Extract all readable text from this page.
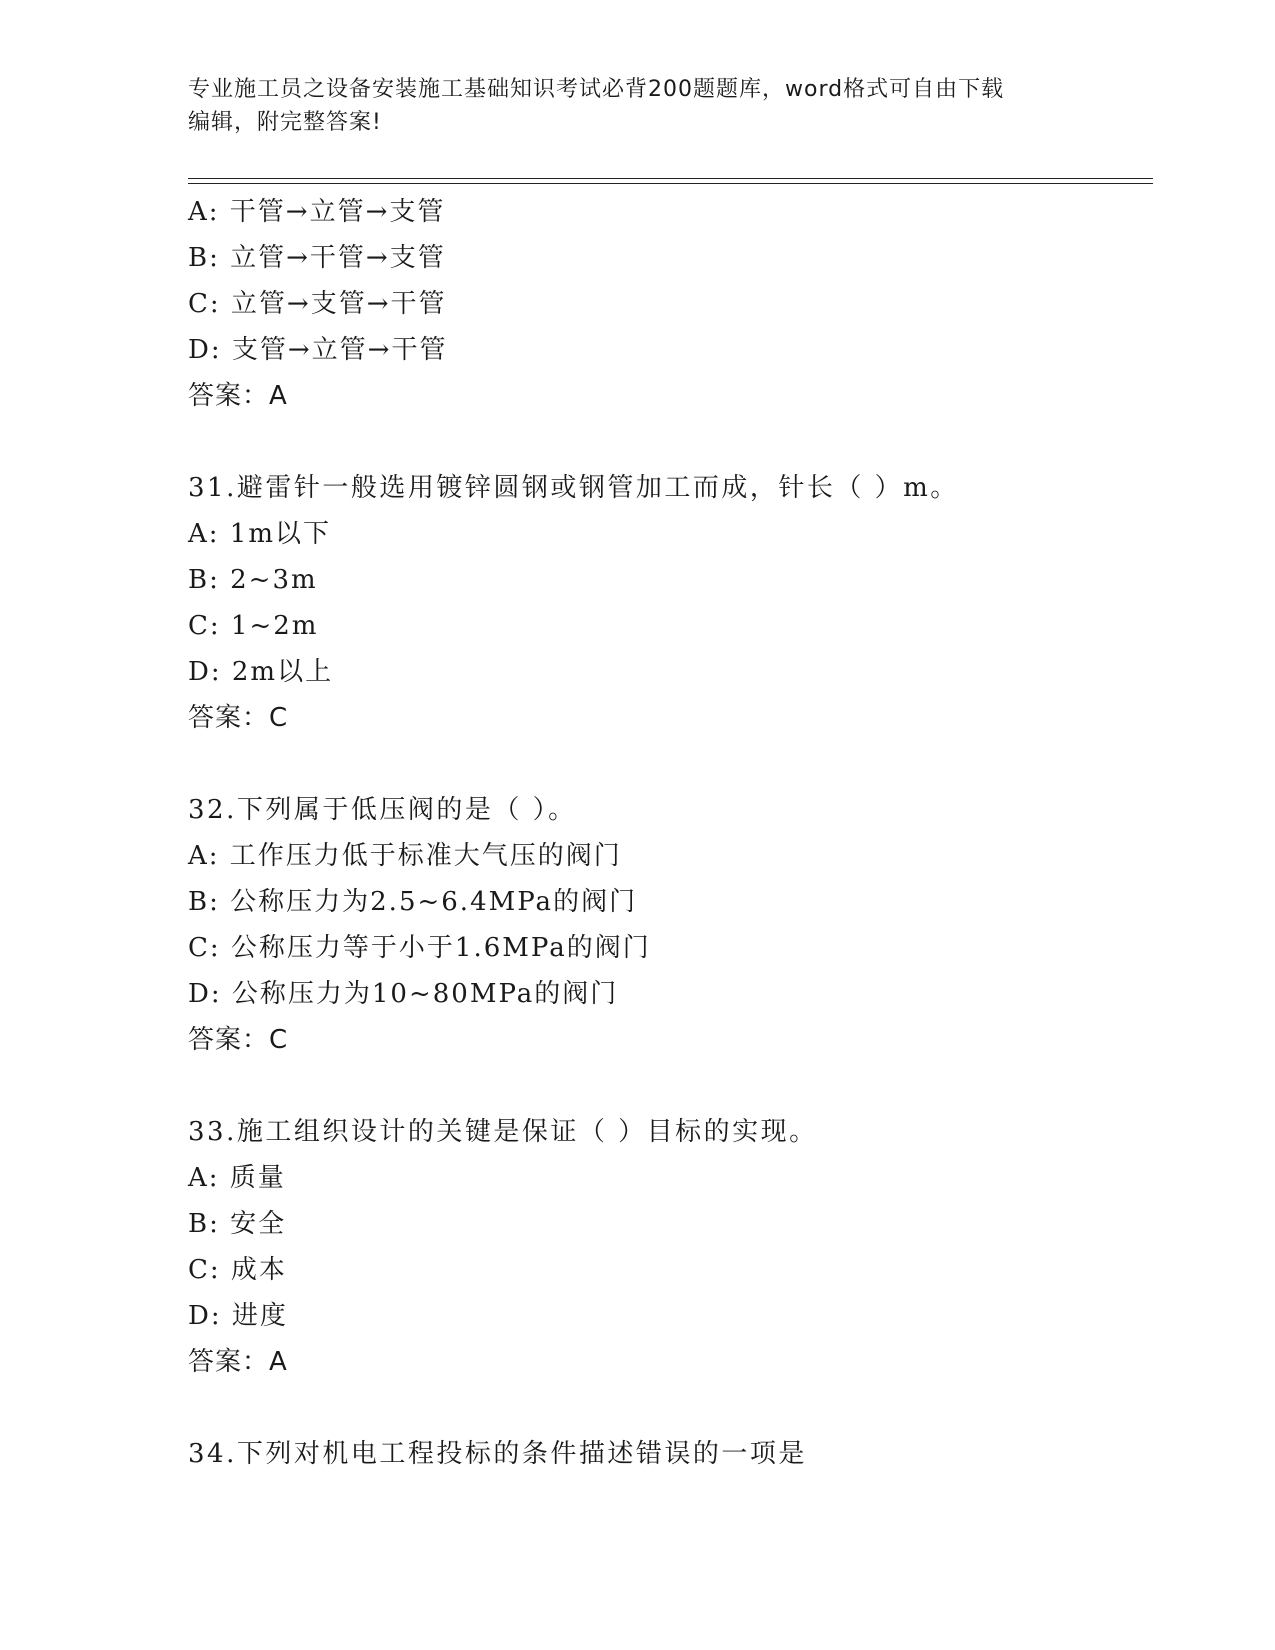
专业施工员之设备安装施工基础知识考试必背200题题库，word格式可自由下载
编辑，附完整答案!
A: 干管→立管→支管
B: 立管→干管→支管
C: 立管→支管→干管
D: 支管→立管→干管
答案：A
31.避雷针一般选用镀锌圆钢或钢管加工而成，针长（ ）m。
A: 1m以下
B: 2~3m
C: 1~2m
D: 2m以上
答案：C
32.下列属于低压阀的是（ ）。
A: 工作压力低于标准大气压的阀门
B: 公称压力为2.5~6.4MPa的阀门
C: 公称压力等于小于1.6MPa的阀门
D: 公称压力为10~80MPa的阀门
答案：C
33.施工组织设计的关键是保证（ ）目标的实现。
A: 质量
B: 安全
C: 成本
D: 进度
答案：A
34.下列对机电工程投标的条件描述错误的一项是
